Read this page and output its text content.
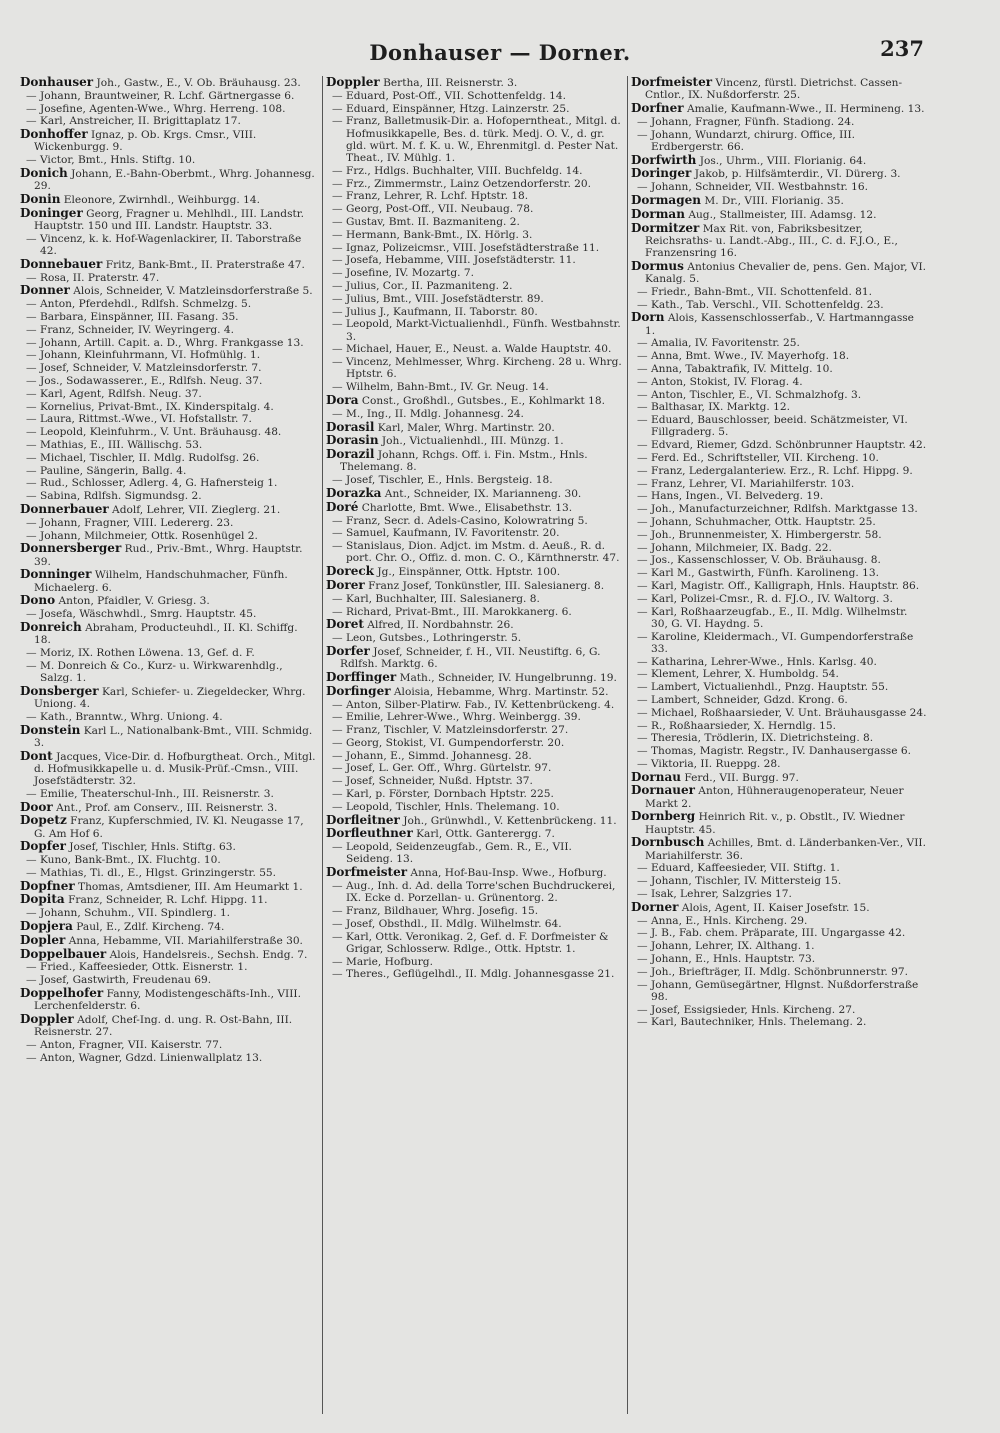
Donhauser — Dorner.	237
Donhauser Joh., Gastw., E., V. Ob. Bräuhausg. 23.
— Johann, Brauntweiner, R. Lchf. Gärtnergasse 6.
— Josefine, Agenten-Wwe., Whrg. Herreng. 108.
— Karl, Anstreicher, II. Brigittaplatz 17.
Donhoffer Ignaz, p. Ob. Krgs. Cmsr., VIII. Wickenburgg. 9.
— Victor, Bmt., Hnls. Stiftg. 10.
Donich Johann, E.-Bahn-Oberbmt., Whrg. Johannesg. 29.
Donin Eleonore, Zwirnhdl., Weihburgg. 14.
Doninger Georg, Fragner u. Mehlhdl., III. Landstr. Hauptstr. 150 und III. Landstr. Hauptstr. 33.
— Vincenz, k. k. Hof-Wagenlackirer, II. Taborstraße 42.
Donnebauer Fritz, Bank-Bmt., II. Praterstraße 47.
— Rosa, II. Praterstr. 47.
Donner Alois, Schneider, V. Matzleinsdorferstraße 5.
— Anton, Pferdehdl., Rdlfsh. Schmelzg. 5.
— Barbara, Einspänner, III. Fasang. 35.
— Franz, Schneider, IV. Weyringerg. 4.
— Johann, Artill. Capit. a. D., Whrg. Frankgasse 13.
— Johann, Kleinfuhrmann, VI. Hofmühlg. 1.
— Josef, Schneider, V. Matzleinsdorferstr. 7.
— Jos., Sodawasserer., E., Rdlfsh. Neug. 37.
— Karl, Agent, Rdlfsh. Neug. 37.
— Kornelius, Privat-Bmt., IX. Kinderspitalg. 4.
— Laura, Rittmst.-Wwe., VI. Hofstallstr. 7.
— Leopold, Kleinfuhrm., V. Unt. Bräuhausg. 48.
— Mathias, E., III. Wällischg. 53.
— Michael, Tischler, II. Mdlg. Rudolfsg. 26.
— Pauline, Sängerin, Ballg. 4.
— Rud., Schlosser, Adlerg. 4, G. Hafnersteig 1.
— Sabina, Rdlfsh. Sigmundsg. 2.
Donnerbauer Adolf, Lehrer, VII. Zieglerg. 21.
— Johann, Fragner, VIII. Ledererg. 23.
— Johann, Milchmeier, Ottk. Rosenhügel 2.
Donnersberger Rud., Priv.-Bmt., Whrg. Hauptstr. 39.
Donninger Wilhelm, Handschuhmacher, Fünfh. Michaelerg. 6.
Dono Anton, Pfaidler, V. Griesg. 3.
— Josefa, Wäschwhdl., Smrg. Hauptstr. 45.
Donreich Abraham, Producteuhdl., II. Kl. Schiffg. 18.
— Moriz, IX. Rothen Löwena. 13, Gef. d. F.
— M. Donreich & Co., Kurz- u. Wirkwarenhdlg., Salzg. 1.
Donsberger Karl, Schiefer- u. Ziegeldecker, Whrg. Uniong. 4.
— Kath., Branntw., Whrg. Uniong. 4.
Donstein Karl L., Nationalbank-Bmt., VIII. Schmidg. 3.
Dont Jacques, Vice-Dir. d. Hofburgtheat. Orch., Mitgl. d. Hofmusikkapelle u. d. Musik-Prüf.-Cmsn., VIII. Josefstädterstr. 32.
— Emilie, Theaterschul-Inh., III. Reisnerstr. 3.
Door Ant., Prof. am Conserv., III. Reisnerstr. 3.
Dopetz Franz, Kupferschmied, IV. Kl. Neugasse 17, G. Am Hof 6.
Dopfer Josef, Tischler, Hnls. Stiftg. 63.
— Kuno, Bank-Bmt., IX. Fluchtg. 10.
— Mathias, Ti. dl., E., Hlgst. Grinzingerstr. 55.
Dopfner Thomas, Amtsdiener, III. Am Heumarkt 1.
Dopita Franz, Schneider, R. Lchf. Hippg. 11.
— Johann, Schuhm., VII. Spindlerg. 1.
Dopjera Paul, E., Zdlf. Kircheng. 74.
Dopler Anna, Hebamme, VII. Mariahilferstraße 30.
Doppelbauer Alois, Handelsreis., Sechsh. Endg. 7.
— Fried., Kaffeesieder, Ottk. Eisnerstr. 1.
— Josef, Gastwirth, Freudenau 69.
Doppelhofer Fanny, Modistengeschäfts-Inh., VIII. Lerchenfelderstr. 6.
Doppler Adolf, Chef-Ing. d. ung. R. Ost-Bahn, III. Reisnerstr. 27.
— Anton, Fragner, VII. Kaiserstr. 77.
— Anton, Wagner, Gdzd. Linienwallplatz 13.
Doppler Bertha, III. Reisnerstr. 3.
— Eduard, Post-Off., VII. Schottenfeldg. 14.
— Eduard, Einspänner, Htzg. Lainzerstr. 25.
— Franz, Balletmusik-Dir. a. Hofoperntheat., Mitgl. d. Hofmusikkapelle, Bes. d. türk. Medj. O. V., d. gr. gld. würt. M. f. K. u. W., Ehrenmitgl. d. Pester Nat. Theat., IV. Mühlg. 1.
— Frz., Hdlgs. Buchhalter, VIII. Buchfeldg. 14.
— Frz., Zimmermstr., Lainz Oetzendorferstr. 20.
— Franz, Lehrer, R. Lchf. Hptstr. 18.
— Georg, Post-Off., VII. Neubaug. 78.
— Gustav, Bmt. II. Bazmaniteng. 2.
— Hermann, Bank-Bmt., IX. Hörlg. 3.
— Ignaz, Polizeicmsr., VIII. Josefstädterstraße 11.
— Josefa, Hebamme, VIII. Josefstädterstr. 11.
— Josefine, IV. Mozartg. 7.
— Julius, Cor., II. Pazmaniteng. 2.
— Julius, Bmt., VIII. Josefstädterstr. 89.
— Julius J., Kaufmann, II. Taborstr. 80.
— Leopold, Markt-Victualienhdl., Fünfh. Westbahnstr. 3.
— Michael, Hauer, E., Neust. a. Walde Hauptstr. 40.
— Vincenz, Mehlmesser, Whrg. Kircheng. 28 u. Whrg. Hptstr. 6.
— Wilhelm, Bahn-Bmt., IV. Gr. Neug. 14.
Dora Const., Großhdl., Gutsbes., E., Kohlmarkt 18.
— M., Ing., II. Mdlg. Johannesg. 24.
Dorasil Karl, Maler, Whrg. Martinstr. 20.
Dorasin Joh., Victualienhdl., III. Münzg. 1.
Dorazil Johann, Rchgs. Off. i. Fin. Mstm., Hnls. Thelemang. 8.
— Josef, Tischler, E., Hnls. Bergsteig. 18.
Dorazka Ant., Schneider, IX. Marianneng. 30.
Doré Charlotte, Bmt. Wwe., Elisabethstr. 13.
— Franz, Secr. d. Adels-Casino, Kolowratring 5.
— Samuel, Kaufmann, IV. Favoritenstr. 20.
— Stanislaus, Dion. Adjct. im Mstm. d. Aeuß., R. d. port. Chr. O., Offiz. d. mon. C. O., Kärnthnerstr. 47.
Doreck Jg., Einspänner, Ottk. Hptstr. 100.
Dorer Franz Josef, Tonkünstler, III. Salesianerg. 8.
— Karl, Buchhalter, III. Salesianerg. 8.
— Richard, Privat-Bmt., III. Marokkanerg. 6.
Doret Alfred, II. Nordbahnstr. 26.
— Leon, Gutsbes., Lothringerstr. 5.
Dorfer Josef, Schneider, f. H., VII. Neustiftg. 6, G. Rdlfsh. Marktg. 6.
Dorffinger Math., Schneider, IV. Hungelbrunng. 19.
Dorfinger Aloisia, Hebamme, Whrg. Martinstr. 52.
— Anton, Silber-Platirw. Fab., IV. Kettenbrückeng. 4.
— Emilie, Lehrer-Wwe., Whrg. Weinbergg. 39.
— Franz, Tischler, V. Matzleinsdorferstr. 27.
— Georg, Stokist, VI. Gumpendorferstr. 20.
— Johann, E., Simmd. Johannesg. 28.
— Josef, L. Ger. Off., Whrg. Gürtelstr. 97.
— Josef, Schneider, Nußd. Hptstr. 37.
— Karl, p. Förster, Dornbach Hptstr. 225.
— Leopold, Tischler, Hnls. Thelemang. 10.
Dorfleitner Joh., Grünwhdl., V. Kettenbrückeng. 11.
Dorfleuthner Karl, Ottk. Ganterergg. 7.
— Leopold, Seidenzeugfab., Gem. R., E., VII. Seideng. 13.
Dorfmeister Anna, Hof-Bau-Insp. Wwe., Hofburg.
— Aug., Inh. d. Ad. della Torre'schen Buchdruckerei, IX. Ecke d. Porzellan- u. Grünentorg. 2.
— Franz, Bildhauer, Whrg. Josefig. 15.
— Josef, Obsthdl., II. Mdlg. Wilhelmstr. 64.
— Karl, Ottk. Veronikag. 2, Gef. d. F. Dorfmeister & Grigar, Schlosserw. Rdlge., Ottk. Hptstr. 1.
— Marie, Hofburg.
— Theres., Geflügelhdl., II. Mdlg. Johannesgasse 21.
Dorfmeister Vincenz, fürstl. Dietrichst. Cassen-Cntlor., IX. Nußdorferstr. 25.
Dorfner Amalie, Kaufmann-Wwe., II. Hermineng. 13.
— Johann, Fragner, Fünfh. Stadiong. 24.
— Johann, Wundarzt, chirurg. Office, III. Erdbergerstr. 66.
Dorfwirth Jos., Uhrm., VIII. Florianig. 64.
Doringer Jakob, p. Hilfsämterdir., VI. Dürerg. 3.
— Johann, Schneider, VII. Westbahnstr. 16.
Dormagen M. Dr., VIII. Florianig. 35.
Dorman Aug., Stallmeister, III. Adamsg. 12.
Dormitzer Max Rit. von, Fabriksbesitzer, Reichsraths- u. Landt.-Abg., III., C. d. F.J.O., E., Franzensring 16.
Dormus Antonius Chevalier de, pens. Gen. Major, VI. Kanalg. 5.
— Friedr., Bahn-Bmt., VII. Schottenfeld. 81.
— Kath., Tab. Verschl., VII. Schottenfeldg. 23.
Dorn Alois, Kassenschlosserfab., V. Hartmanngasse 1.
— Amalia, IV. Favoritenstr. 25.
— Anna, Bmt. Wwe., IV. Mayerhofg. 18.
— Anna, Tabaktrafik, IV. Mittelg. 10.
— Anton, Stokist, IV. Florag. 4.
— Anton, Tischler, E., VI. Schmalzhofg. 3.
— Balthasar, IX. Marktg. 12.
— Eduard, Bauschlosser, beeid. Schätzmeister, VI. Fillgraderg. 5.
— Edvard, Riemer, Gdzd. Schönbrunner Hauptstr. 42.
— Ferd. Ed., Schriftsteller, VII. Kircheng. 10.
— Franz, Ledergalanteriew. Erz., R. Lchf. Hippg. 9.
— Franz, Lehrer, VI. Mariahilferstr. 103.
— Hans, Ingen., VI. Belvederg. 19.
— Joh., Manufacturzeichner, Rdlfsh. Marktgasse 13.
— Johann, Schuhmacher, Ottk. Hauptstr. 25.
— Joh., Brunnenmeister, X. Himbergerstr. 58.
— Johann, Milchmeier, IX. Badg. 22.
— Jos., Kassenschlosser, V. Ob. Bräuhausg. 8.
— Karl M., Gastwirth, Fünfh. Karolineng. 13.
— Karl, Magistr. Off., Kalligraph, Hnls. Hauptstr. 86.
— Karl, Polizei-Cmsr., R. d. FJ.O., IV. Waltorg. 3.
— Karl, Roßhaarzeugfab., E., II. Mdlg. Wilhelmstr. 30, G. VI. Haydng. 5.
— Karoline, Kleidermach., VI. Gumpendorferstraße 33.
— Katharina, Lehrer-Wwe., Hnls. Karlsg. 40.
— Klement, Lehrer, X. Humboldg. 54.
— Lambert, Victualienhdl., Pnzg. Hauptstr. 55.
— Lambert, Schneider, Gdzd. Krong. 6.
— Michael, Roßhaarsieder, V. Unt. Bräuhausgasse 24.
— R., Roßhaarsieder, X. Herndlg. 15.
— Theresia, Trödlerin, IX. Dietrichsteing. 8.
— Thomas, Magistr. Regstr., IV. Danhausergasse 6.
— Viktoria, II. Rueppg. 28.
Dornau Ferd., VII. Burgg. 97.
Dornauer Anton, Hühneraugenoperateur, Neuer Markt 2.
Dornberg Heinrich Rit. v., p. Obstlt., IV. Wiedner Hauptstr. 45.
Dornbusch Achilles, Bmt. d. Länderbanken-Ver., VII. Mariahilferstr. 36.
— Eduard, Kaffeesieder, VII. Stiftg. 1.
— Johann, Tischler, IV. Mittersteig 15.
— Isak, Lehrer, Salzgries 17.
Dorner Alois, Agent, II. Kaiser Josefstr. 15.
— Anna, E., Hnls. Kircheng. 29.
— J. B., Fab. chem. Präparate, III. Ungargasse 42.
— Johann, Lehrer, IX. Althang. 1.
— Johann, E., Hnls. Hauptstr. 73.
— Joh., Briefträger, II. Mdlg. Schönbrunnerstr. 97.
— Johann, Gemüsegärtner, Hlgnst. Nußdorferstraße 98.
— Josef, Essigsieder, Hnls. Kircheng. 27.
— Karl, Bautechniker, Hnls. Thelemang. 2.
